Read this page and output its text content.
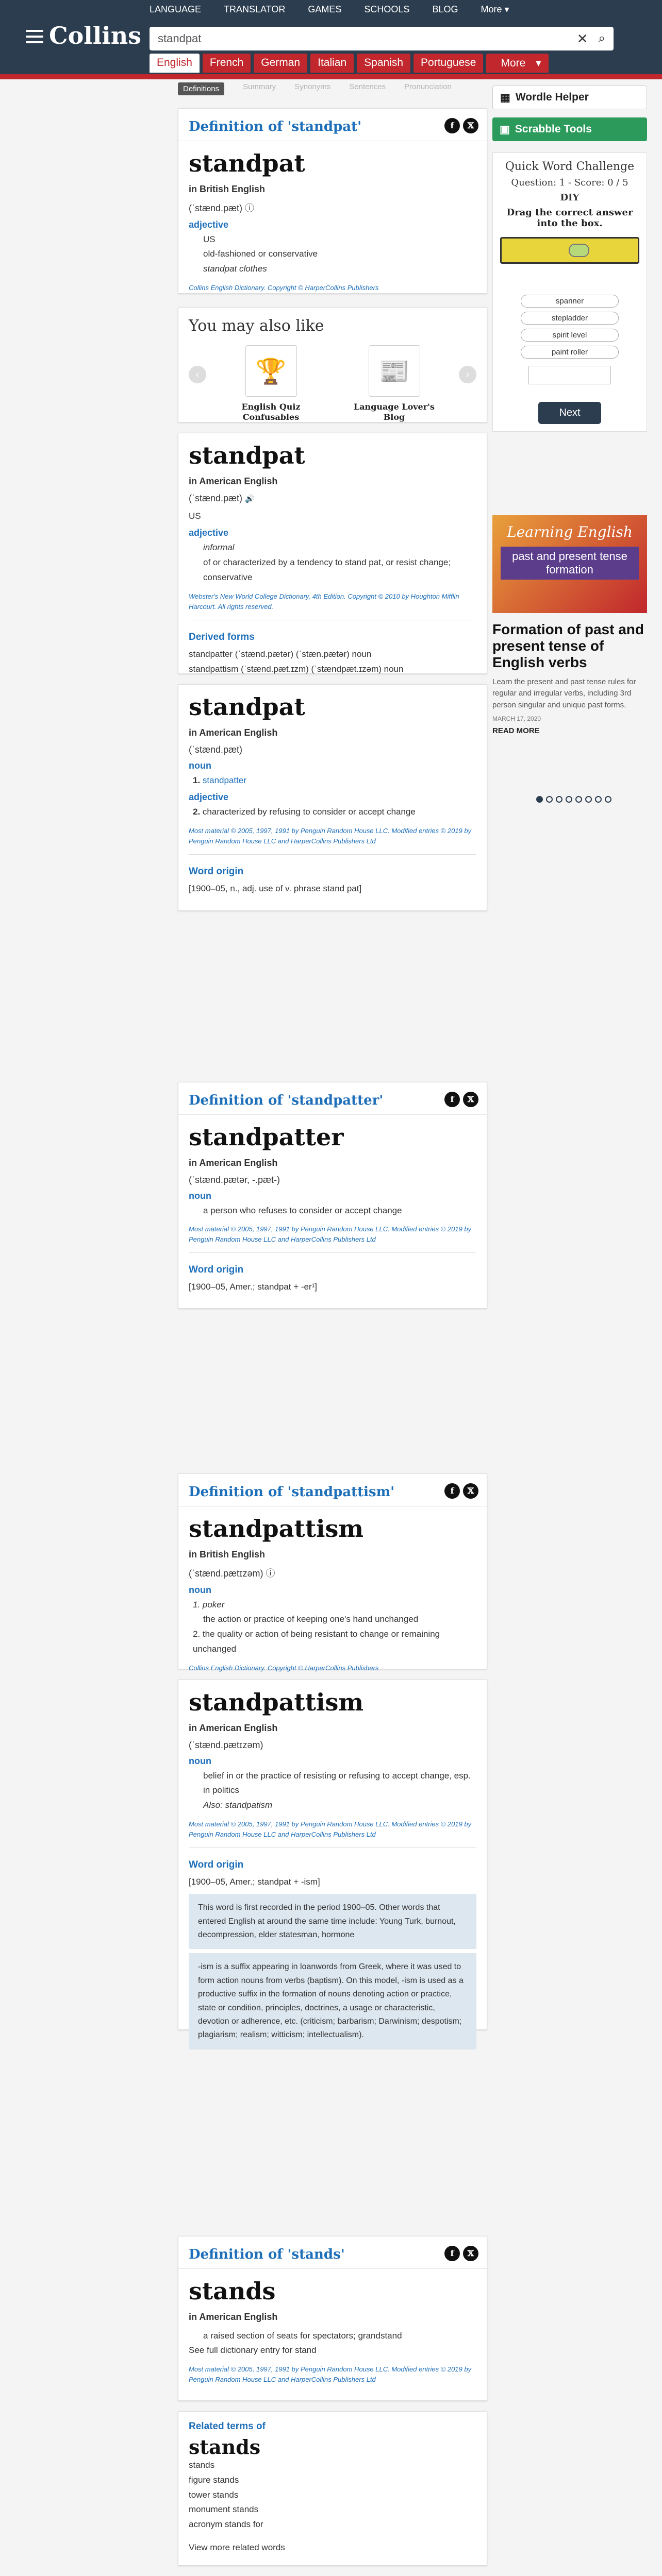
LANGUAGE TRANSLATOR GAMES SCHOOLS BLOG More ▾
Collins standpat	✕ ⌕
English	French	German	Italian	Spanish	Portuguese	More ▾
Definitions	Summary Synonyms Sentences Pronunciation
▦ Wordle Helper
▣ Scrabble Tools
Quick Word Challenge
Question: 1 - Score: 0 / 5
DIY
Drag the correct answer into the box.
spanner
stepladder
spirit level
paint roller
Next
Learning English
past and present tense formation
Formation of past and present tense of English verbs

Learn the present and past tense rules for regular and irregular verbs, including 3rd person singular and unique past forms.

MARCH 17, 2020
READ MORE
Definition of 'standpat'	f	𝕏
standpat
in British English
(ˈstænd.pæt) ⓘ
adjective
US
old-fashioned or conservative
standpat clothes
Collins English Dictionary. Copyright © HarperCollins Publishers
You may also like
‹	🏆
English Quiz Confusables
📰
Language Lover's Blog
›
standpat
in American English
(ˈstænd.pæt) 🔊
US
adjective
informal
of or characterized by a tendency to stand pat, or resist change; conservative
Webster's New World College Dictionary, 4th Edition. Copyright © 2010 by Houghton Mifflin Harcourt. All rights reserved.
Derived forms
standpatter (ˈstænd.pætər) (ˈstæn.pætər) noun
standpattism (ˈstænd.pæt.ɪzm) (ˈstændpæt.ɪzəm) noun
standpat
in American English
(ˈstænd.pæt)
noun
1. standpatter
adjective
2. characterized by refusing to consider or accept change
Most material © 2005, 1997, 1991 by Penguin Random House LLC. Modified entries © 2019 by Penguin Random House LLC and HarperCollins Publishers Ltd
Word origin
[1900–05, n., adj. use of v. phrase stand pat]
Definition of 'standpatter'	f	𝕏
standpatter
in American English
(ˈstænd.pætər, -.pæt-)
noun
a person who refuses to consider or accept change
Most material © 2005, 1997, 1991 by Penguin Random House LLC. Modified entries © 2019 by Penguin Random House LLC and HarperCollins Publishers Ltd
Word origin
[1900–05, Amer.; standpat + -er¹]
Definition of 'standpattism'	f	𝕏
standpattism
in British English
(ˈstænd.pætɪzəm) ⓘ
noun
1. poker
the action or practice of keeping one's hand unchanged
2. the quality or action of being resistant to change or remaining unchanged
Collins English Dictionary. Copyright © HarperCollins Publishers
standpattism
in American English
(ˈstænd.pætɪzəm)
noun
belief in or the practice of resisting or refusing to accept change, esp. in politics
Also: standpatism
Most material © 2005, 1997, 1991 by Penguin Random House LLC. Modified entries © 2019 by Penguin Random House LLC and HarperCollins Publishers Ltd
Word origin
[1900–05, Amer.; standpat + -ism]
This word is first recorded in the period 1900–05. Other words that entered English at around the same time include: Young Turk, burnout, decompression, elder statesman, hormone
-ism is a suffix appearing in loanwords from Greek, where it was used to form action nouns from verbs (baptism). On this model, -ism is used as a productive suffix in the formation of nouns denoting action or practice, state or condition, principles, doctrines, a usage or characteristic, devotion or adherence, etc. (criticism; barbarism; Darwinism; despotism; plagiarism; realism; witticism; intellectualism).
Definition of 'stands'	f	𝕏
stands
in American English
a raised section of seats for spectators; grandstand
See full dictionary entry for stand
Most material © 2005, 1997, 1991 by Penguin Random House LLC. Modified entries © 2019 by Penguin Random House LLC and HarperCollins Publishers Ltd
Related terms of
stands
stands
figure stands
tower stands
monument stands
acronym stands for
View more related words
